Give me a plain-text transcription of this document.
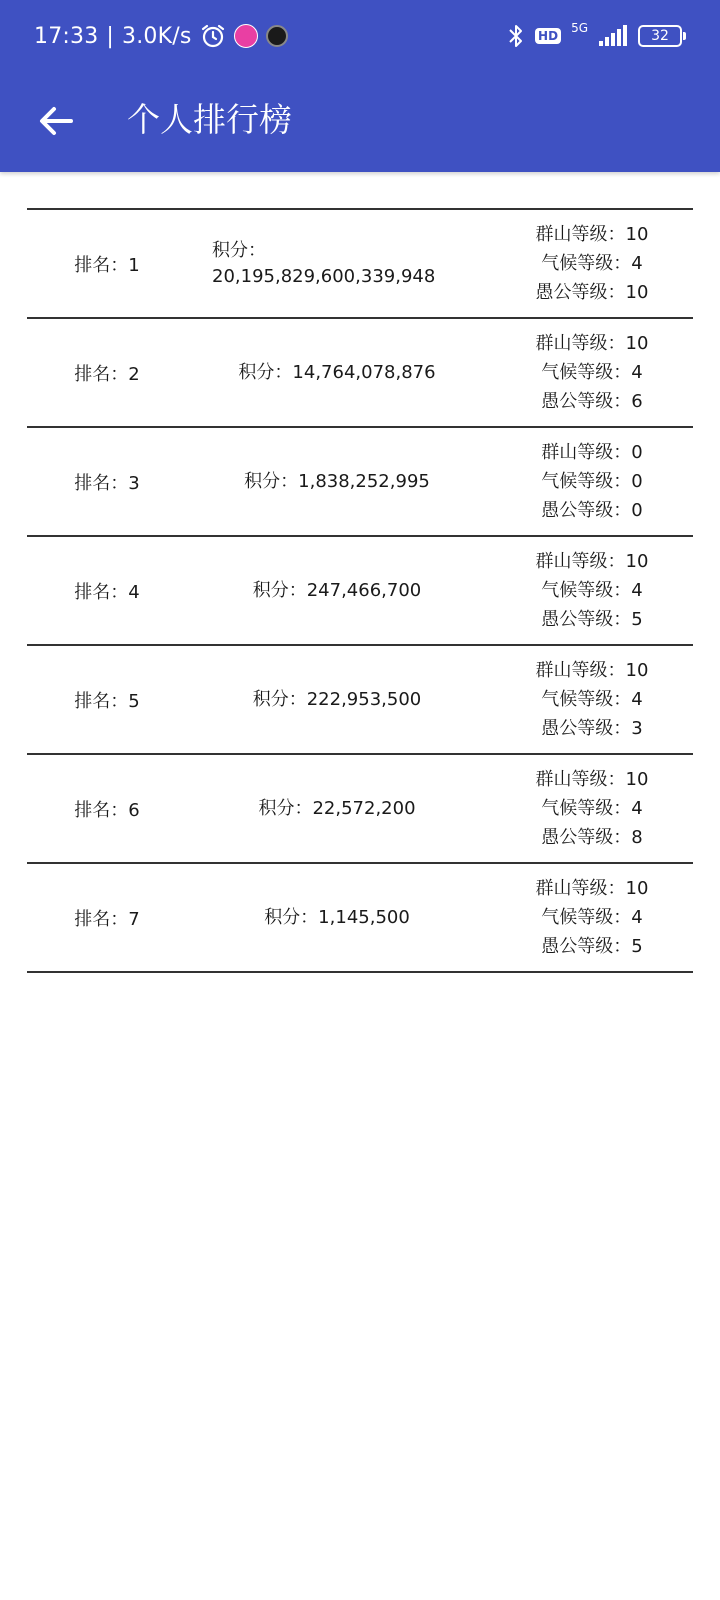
17:33 | 3.0K/s	HD
5G	32
个人排行榜
排名：1
积分：
20,195,829,600,339,948
群山等级：10
气候等级：4
愚公等级：10
排名：2	积分：14,764,078,876
群山等级：10
气候等级：4
愚公等级：6
排名：3	积分：1,838,252,995
群山等级：0
气候等级：0
愚公等级：0
排名：4	积分：247,466,700
群山等级：10
气候等级：4
愚公等级：5
排名：5	积分：222,953,500
群山等级：10
气候等级：4
愚公等级：3
排名：6	积分：22,572,200
群山等级：10
气候等级：4
愚公等级：8
排名：7	积分：1,145,500
群山等级：10
气候等级：4
愚公等级：5
